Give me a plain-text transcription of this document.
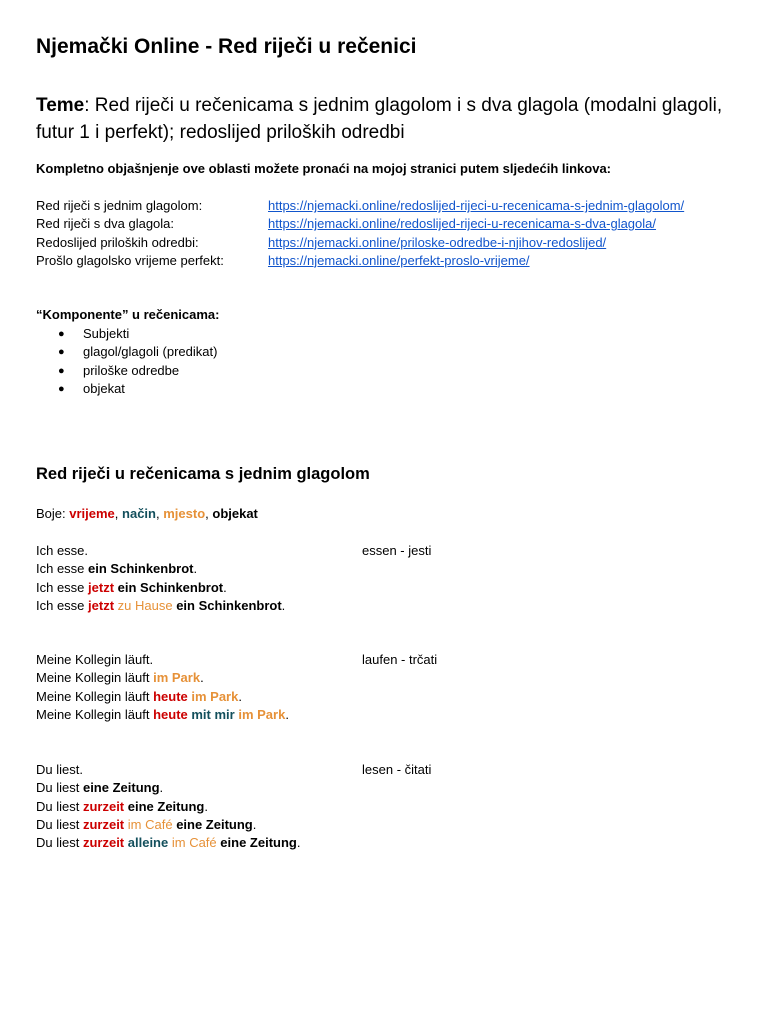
Njemački Online - Red riječi u rečenici
Teme: Red riječi u rečenicama s jednim glagolom i s dva glagola (modalni glagoli, futur 1 i perfekt); redoslijed priloških odredbi
Kompletno objašnjenje ove oblasti možete pronaći na mojoj stranici putem sljedećih linkova:
Red riječi s jednim glagolom:	https://njemacki.online/redoslijed-rijeci-u-recenicama-s-jednim-glagolom/
Red riječi s dva glagola:	https://njemacki.online/redoslijed-rijeci-u-recenicama-s-dva-glagola/
Redoslijed priloških odredbi:	https://njemacki.online/priloske-odredbe-i-njihov-redoslijed/
Prošlo glagolsko vrijeme perfekt:	https://njemacki.online/perfekt-proslo-vrijeme/
“Komponente” u rečenicama:
● Subjekti
● glagol/glagoli (predikat)
● priloške odredbe
● objekat
Red riječi u rečenicama s jednim glagolom
Boje: vrijeme, način, mjesto, objekat
Ich esse.	essen - jesti
Ich esse ein Schinkenbrot.
Ich esse jetzt ein Schinkenbrot.
Ich esse jetzt zu Hause ein Schinkenbrot.
Meine Kollegin läuft.	laufen - trčati
Meine Kollegin läuft im Park.
Meine Kollegin läuft heute im Park.
Meine Kollegin läuft heute mit mir im Park.
Du liest.	lesen - čitati
Du liest eine Zeitung.
Du liest zurzeit eine Zeitung.
Du liest zurzeit im Café eine Zeitung.
Du liest zurzeit alleine im Café eine Zeitung.
